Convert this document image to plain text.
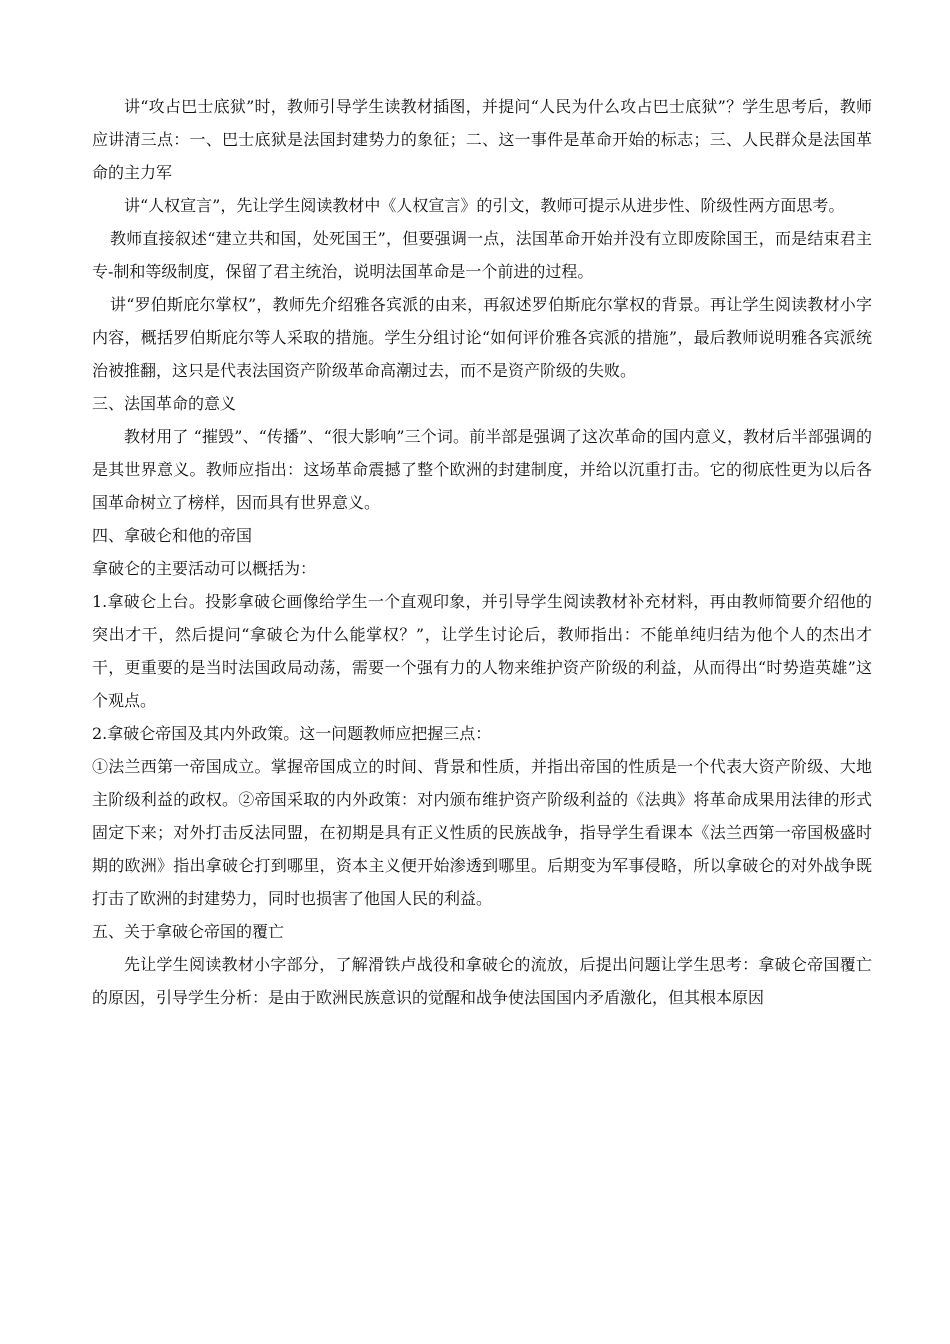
讲“攻占巴士底狱”时，教师引导学生读教材插图，并提问“人民为什么攻占巴士底狱”？学生思考后，教师应讲清三点：一、巴士底狱是法国封建势力的象征；二、这一事件是革命开始的标志；三、人民群众是法国革命的主力军

讲“人权宣言”，先让学生阅读教材中《人权宣言》的引文，教师可提示从进步性、阶级性两方面思考。

教师直接叙述“建立共和国，处死国王”，但要强调一点，法国革命开始并没有立即废除国王，而是结束君主专-制和等级制度，保留了君主统治，说明法国革命是一个前进的过程。

讲“罗伯斯庇尔掌权”，教师先介绍雅各宾派的由来，再叙述罗伯斯庇尔掌权的背景。再让学生阅读教材小字内容，概括罗伯斯庇尔等人采取的措施。学生分组讨论“如何评价雅各宾派的措施”，最后教师说明雅各宾派统治被推翻，这只是代表法国资产阶级革命高潮过去，而不是资产阶级的失败。

三、法国革命的意义

教材用了 “摧毁”、“传播”、“很大影响”三个词。前半部是强调了这次革命的国内意义，教材后半部强调的是其世界意义。教师应指出：这场革命震撼了整个欧洲的封建制度，并给以沉重打击。它的彻底性更为以后各国革命树立了榜样，因而具有世界意义。

四、拿破仑和他的帝国

拿破仑的主要活动可以概括为：

1.拿破仑上台。投影拿破仑画像给学生一个直观印象，并引导学生阅读教材补充材料，再由教师简要介绍他的突出才干，然后提问“拿破仑为什么能掌权？”，让学生讨论后，教师指出：不能单纯归结为他个人的杰出才干，更重要的是当时法国政局动荡，需要一个强有力的人物来维护资产阶级的利益，从而得出“时势造英雄”这个观点。

2.拿破仑帝国及其内外政策。这一问题教师应把握三点：

①法兰西第一帝国成立。掌握帝国成立的时间、背景和性质，并指出帝国的性质是一个代表大资产阶级、大地主阶级利益的政权。②帝国采取的内外政策：对内颁布维护资产阶级利益的《法典》将革命成果用法律的形式固定下来；对外打击反法同盟，在初期是具有正义性质的民族战争，指导学生看课本《法兰西第一帝国极盛时期的欧洲》指出拿破仑打到哪里，资本主义便开始渗透到哪里。后期变为军事侵略，所以拿破仑的对外战争既打击了欧洲的封建势力，同时也损害了他国人民的利益。

五、关于拿破仑帝国的覆亡

先让学生阅读教材小字部分，了解滑铁卢战役和拿破仑的流放，后提出问题让学生思考：拿破仑帝国覆亡的原因，引导学生分析：是由于欧洲民族意识的觉醒和战争使法国国内矛盾激化，但其根本原因
